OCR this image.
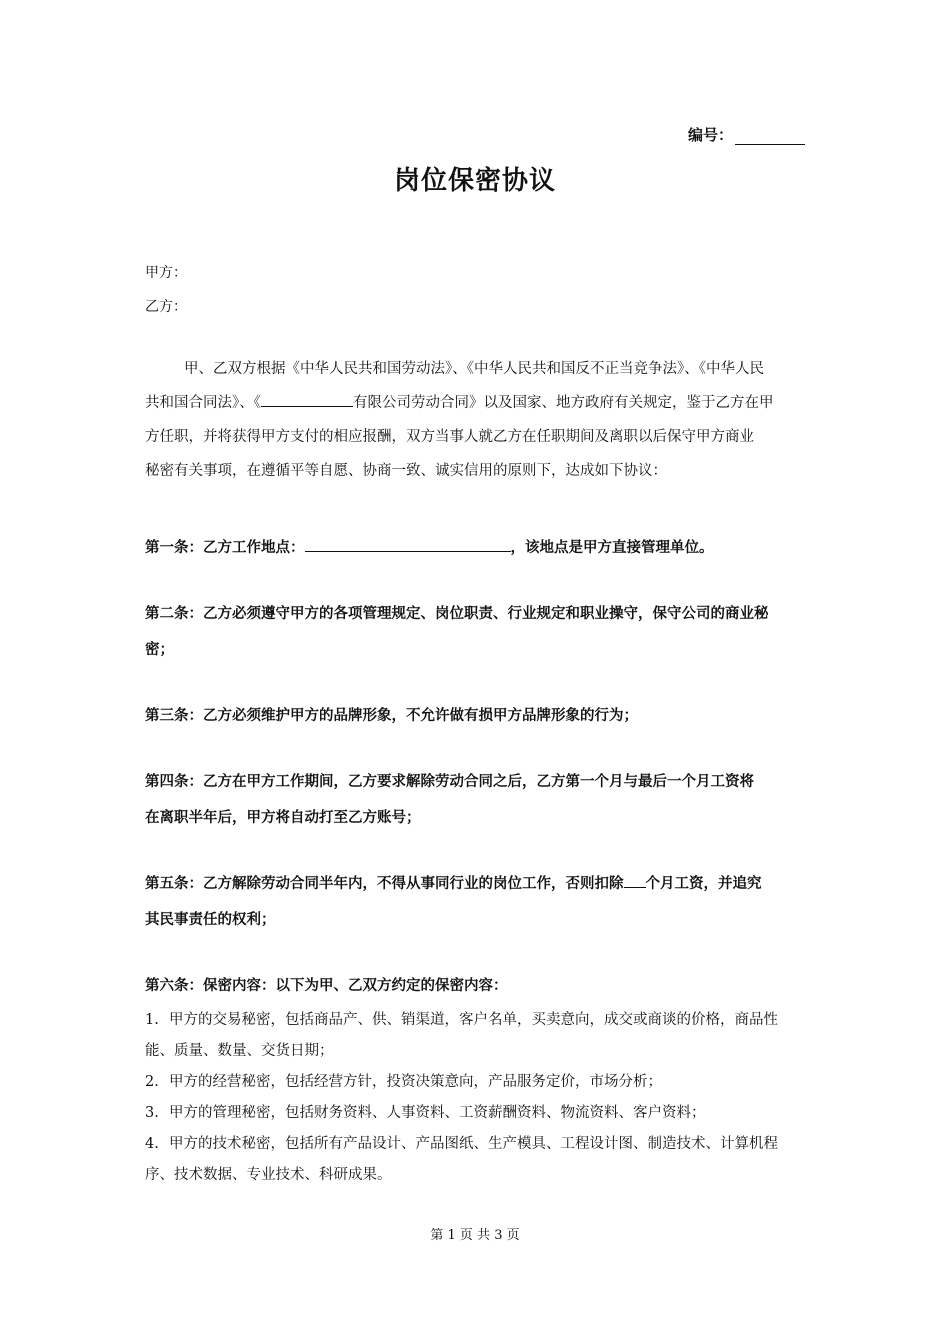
编号：
岗位保密协议
甲方：
乙方：
甲、乙双方根据《中华人民共和国劳动法》、《中华人民共和国反不正当竞争法》、《中华人民
共和国合同法》、《	有限公司劳动合同》以及国家、地方政府有关规定，鉴于乙方在甲
方任职，并将获得甲方支付的相应报酬，双方当事人就乙方在任职期间及离职以后保守甲方商业
秘密有关事项，在遵循平等自愿、协商一致、诚实信用的原则下，达成如下协议：
第一条：乙方工作地点：	，该地点是甲方直接管理单位。
第二条：乙方必须遵守甲方的各项管理规定、岗位职责、行业规定和职业操守，保守公司的商业秘
密；
第三条：乙方必须维护甲方的品牌形象，不允许做有损甲方品牌形象的行为；
第四条：乙方在甲方工作期间，乙方要求解除劳动合同之后，乙方第一个月与最后一个月工资将
在离职半年后，甲方将自动打至乙方账号；
第五条：乙方解除劳动合同半年内，不得从事同行业的岗位工作，否则扣除 个月工资，并追究
其民事责任的权利；
第六条：保密内容：以下为甲、乙双方约定的保密内容：
1. 甲方的交易秘密，包括商品产、供、销渠道，客户名单，买卖意向，成交或商谈的价格，商品性
能、质量、数量、交货日期；
2. 甲方的经营秘密，包括经营方针，投资决策意向，产品服务定价，市场分析；
3. 甲方的管理秘密，包括财务资料、人事资料、工资薪酬资料、物流资料、客户资料；
4. 甲方的技术秘密，包括所有产品设计、产品图纸、生产模具、工程设计图、制造技术、计算机程
序、技术数据、专业技术、科研成果。
第 1 页 共 3 页
